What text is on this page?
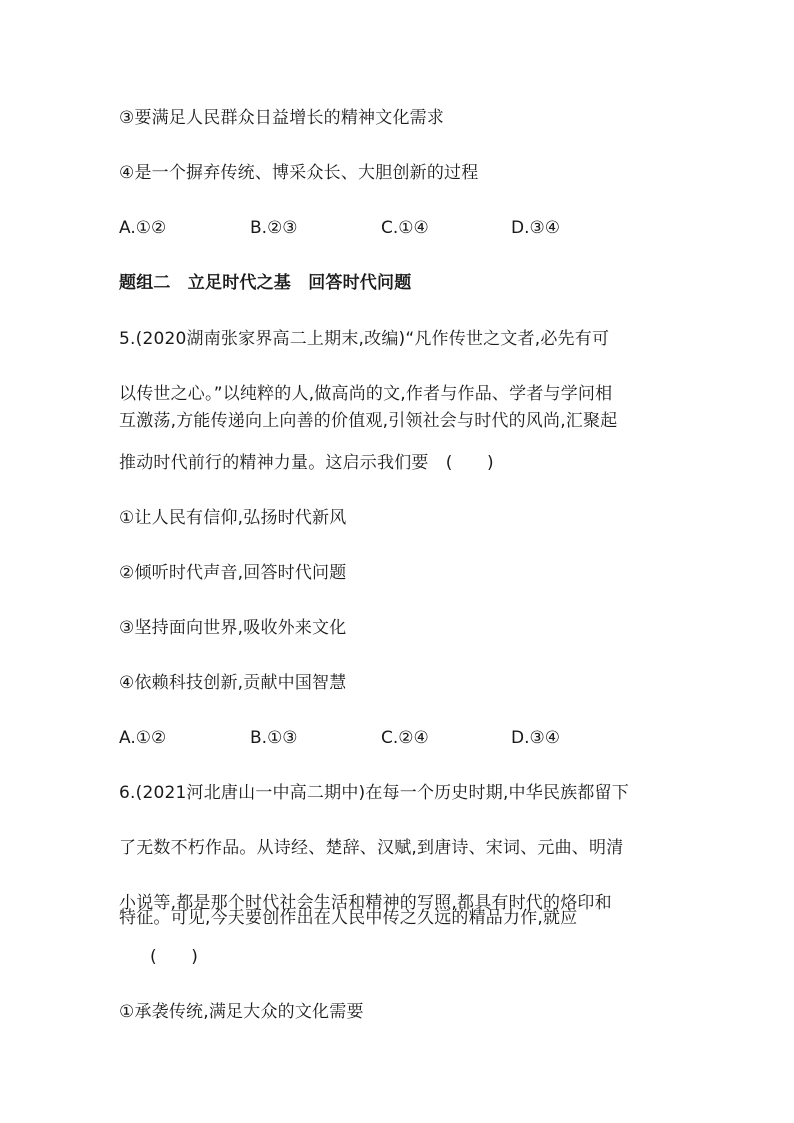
③要满足人民群众日益增长的精神文化需求
④是一个摒弃传统、博采众长、大胆创新的过程
A.①②	B.②③	C.①④	D.③④
题组二　立足时代之基　回答时代问题
5.(2020湖南张家界高二上期末,改编)“凡作传世之文者,必先有可
以传世之心。”以纯粹的人,做高尚的文,作者与作品、学者与学问相
互激荡,方能传递向上向善的价值观,引领社会与时代的风尚,汇聚起
推动时代前行的精神力量。这启示我们要　(　　)
①让人民有信仰,弘扬时代新风
②倾听时代声音,回答时代问题
③坚持面向世界,吸收外来文化
④依赖科技创新,贡献中国智慧
A.①②	B.①③	C.②④	D.③④
6.(2021河北唐山一中高二期中)在每一个历史时期,中华民族都留下
了无数不朽作品。从诗经、楚辞、汉赋,到唐诗、宋词、元曲、明清
小说等,都是那个时代社会生活和精神的写照,都具有时代的烙印和
特征。可见,今天要创作出在人民中传之久远的精品力作,就应
(　　)
①承袭传统,满足大众的文化需要
